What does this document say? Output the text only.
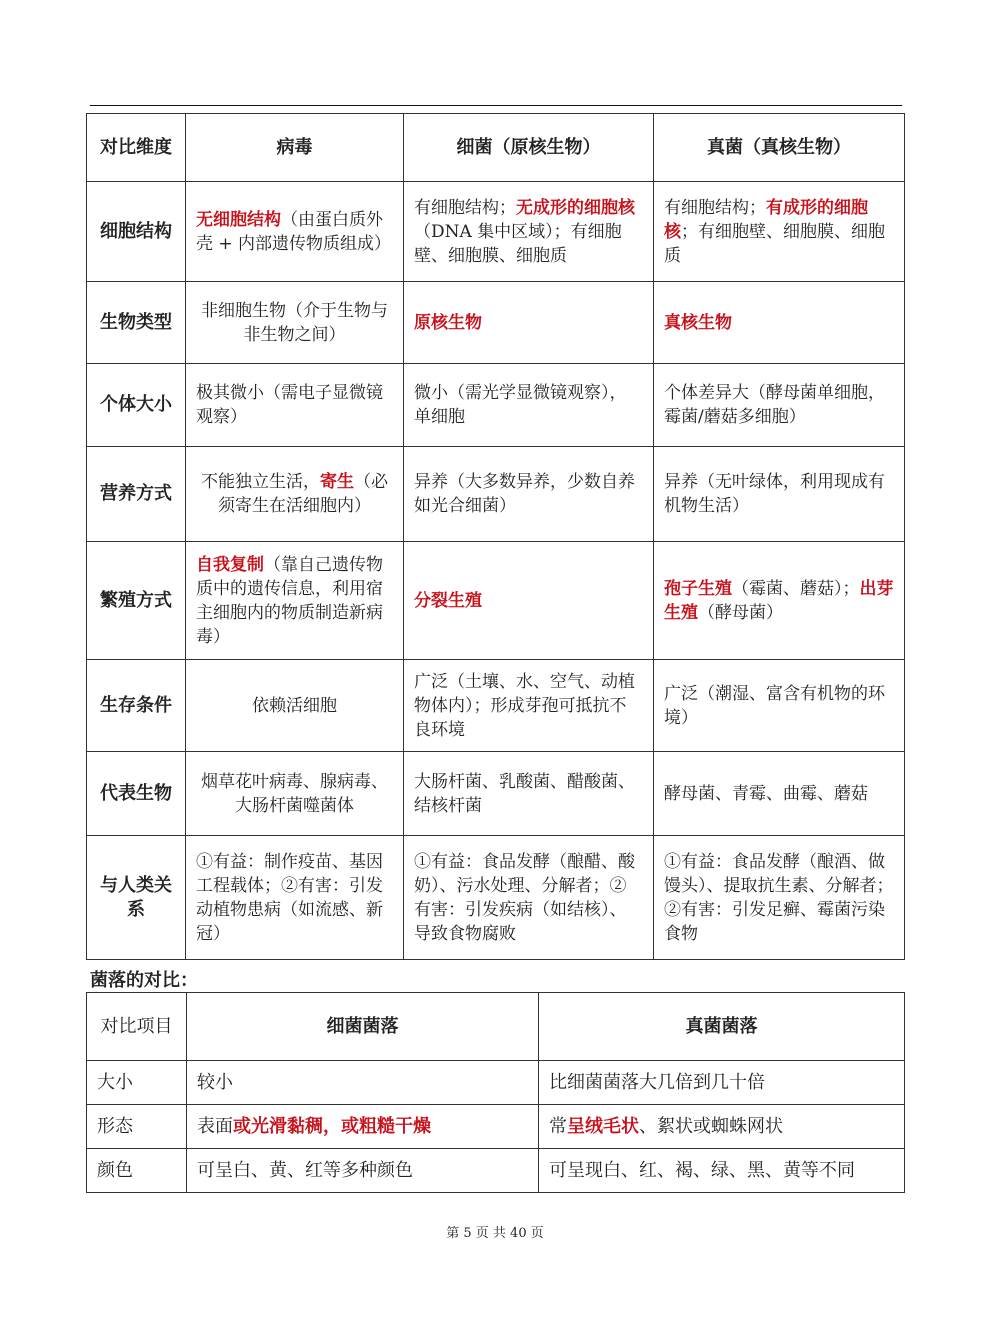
对比维度	病毒	细菌（原核生物）	真菌（真核生物）
细胞结构	无细胞结构（由蛋白质外壳 + 内部遗传物质组成）	有细胞结构；无成形的细胞核（DNA 集中区域）；有细胞壁、细胞膜、细胞质	有细胞结构；有成形的细胞核；有细胞壁、细胞膜、细胞质
生物类型	非细胞生物（介于生物与非生物之间）	原核生物	真核生物
个体大小	极其微小（需电子显微镜观察）	微小（需光学显微镜观察），单细胞	个体差异大（酵母菌单细胞，霉菌/蘑菇多细胞）
营养方式	不能独立生活，寄生（必须寄生在活细胞内）	异养（大多数异养，少数自养如光合细菌）	异养（无叶绿体，利用现成有机物生活）
繁殖方式	自我复制（靠自己遗传物质中的遗传信息，利用宿主细胞内的物质制造新病毒）	分裂生殖	孢子生殖（霉菌、蘑菇）；出芽生殖（酵母菌）
生存条件	依赖活细胞	广泛（土壤、水、空气、动植物体内）；形成芽孢可抵抗不良环境	广泛（潮湿、富含有机物的环境）
代表生物	烟草花叶病毒、腺病毒、大肠杆菌噬菌体	大肠杆菌、乳酸菌、醋酸菌、结核杆菌	酵母菌、青霉、曲霉、蘑菇
与人类关系	①有益：制作疫苗、基因工程载体；②有害：引发动植物患病（如流感、新冠）	①有益：食品发酵（酿醋、酸奶）、污水处理、分解者；②有害：引发疾病（如结核）、导致食物腐败	①有益：食品发酵（酿酒、做馒头）、提取抗生素、分解者；②有害：引发足癣、霉菌污染食物
菌落的对比：
对比项目	细菌菌落	真菌菌落
大小	较小	比细菌菌落大几倍到几十倍
形态	表面或光滑黏稠，或粗糙干燥	常呈绒毛状、絮状或蜘蛛网状
颜色	可呈白、黄、红等多种颜色	可呈现白、红、褐、绿、黑、黄等不同
第 5 页 共 40 页
